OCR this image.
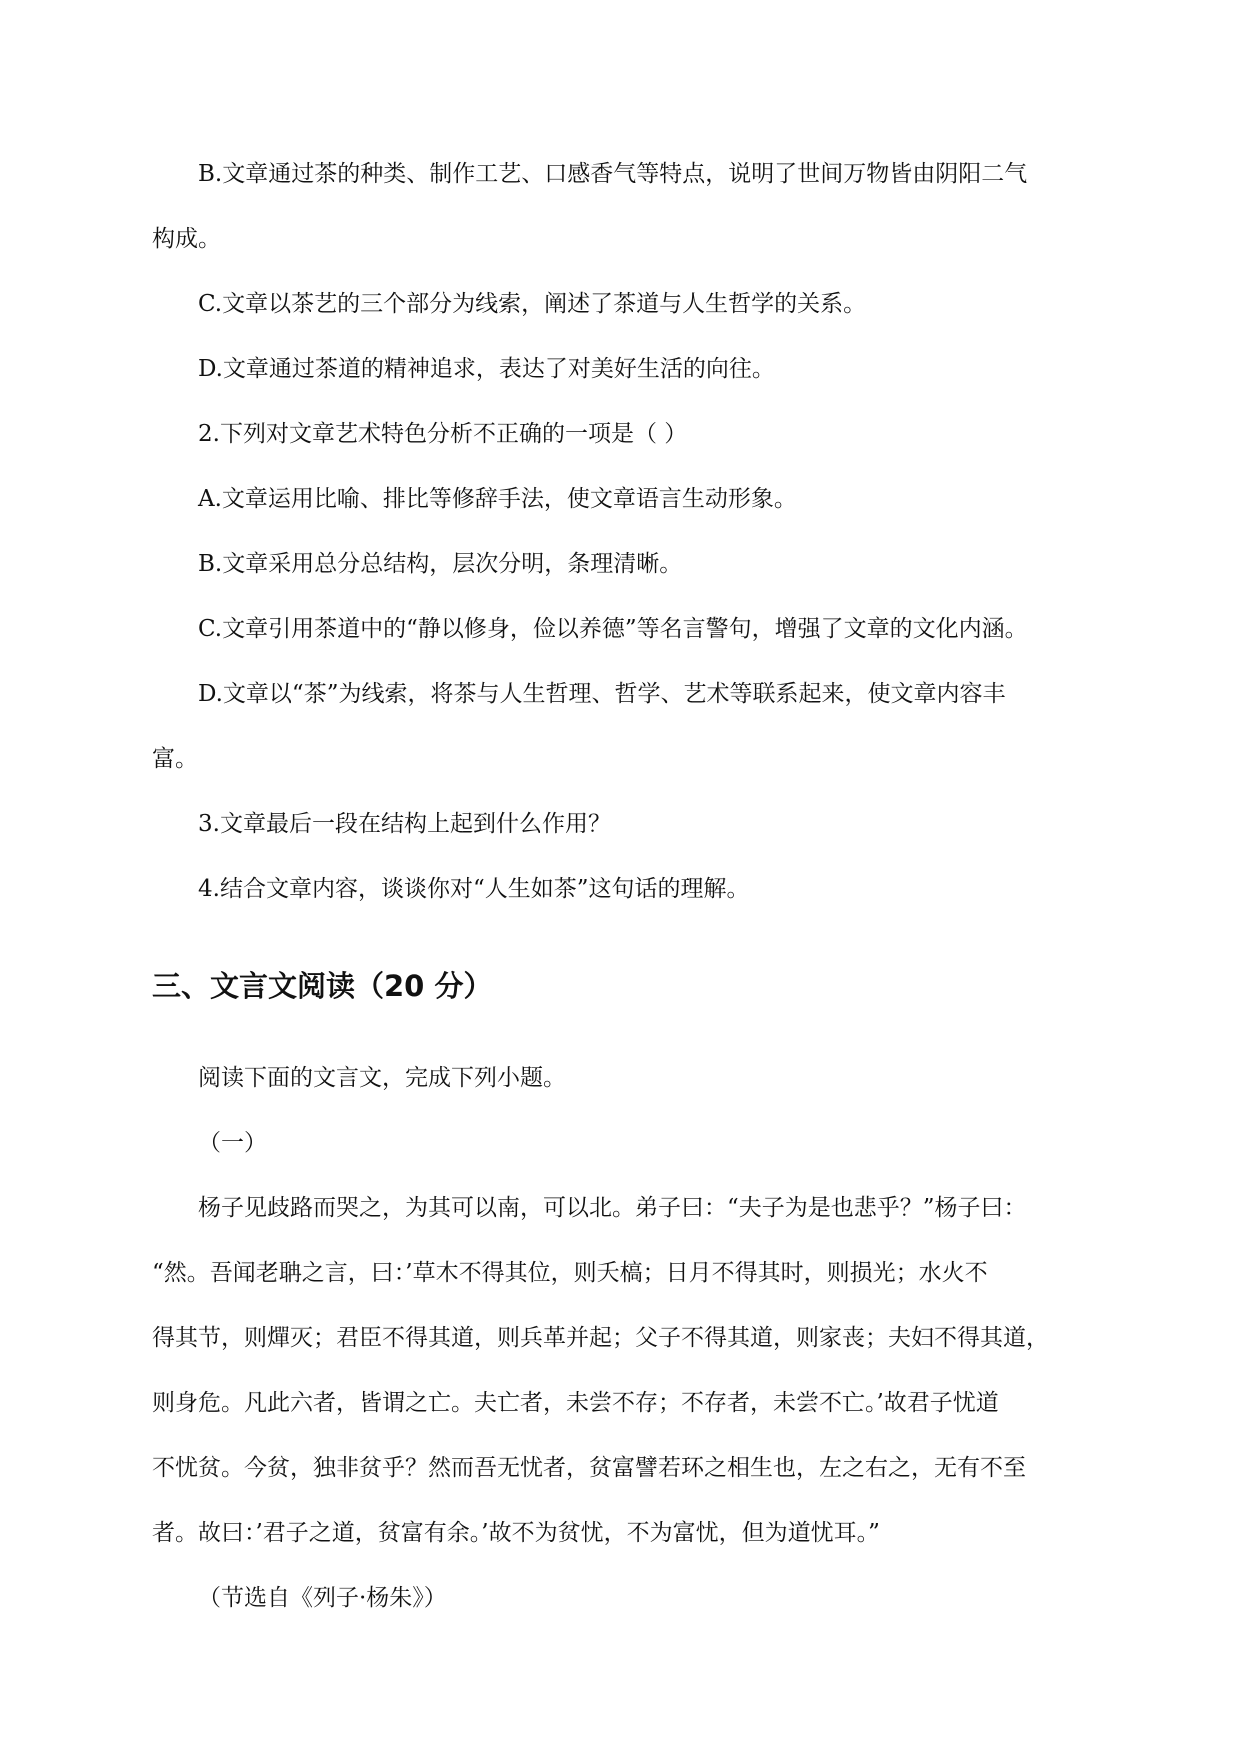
B.文章通过茶的种类、制作工艺、口感香气等特点，说明了世间万物皆由阴阳二气
构成。
C.文章以茶艺的三个部分为线索，阐述了茶道与人生哲学的关系。
D.文章通过茶道的精神追求，表达了对美好生活的向往。
2.下列对文章艺术特色分析不正确的一项是（ ）
A.文章运用比喻、排比等修辞手法，使文章语言生动形象。
B.文章采用总分总结构，层次分明，条理清晰。
C.文章引用茶道中的“静以修身，俭以养德”等名言警句，增强了文章的文化内涵。
D.文章以“茶”为线索，将茶与人生哲理、哲学、艺术等联系起来，使文章内容丰
富。
3.文章最后一段在结构上起到什么作用？
4.结合文章内容，谈谈你对“人生如茶”这句话的理解。
三、文言文阅读（20 分）
阅读下面的文言文，完成下列小题。
（一）
杨子见歧路而哭之，为其可以南，可以北。弟子曰：“夫子为是也悲乎？”杨子曰：
“然。吾闻老聃之言，曰：’草木不得其位，则夭槁；日月不得其时，则损光；水火不
得其节，则燀灭；君臣不得其道，则兵革并起；父子不得其道，则家丧；夫妇不得其道，
则身危。凡此六者，皆谓之亡。夫亡者，未尝不存；不存者，未尝不亡。’故君子忧道
不忧贫。今贫，独非贫乎？然而吾无忧者，贫富譬若环之相生也，左之右之，无有不至
者。故曰：’君子之道，贫富有余。’故不为贫忧，不为富忧，但为道忧耳。”
（节选自《列子·杨朱》）
